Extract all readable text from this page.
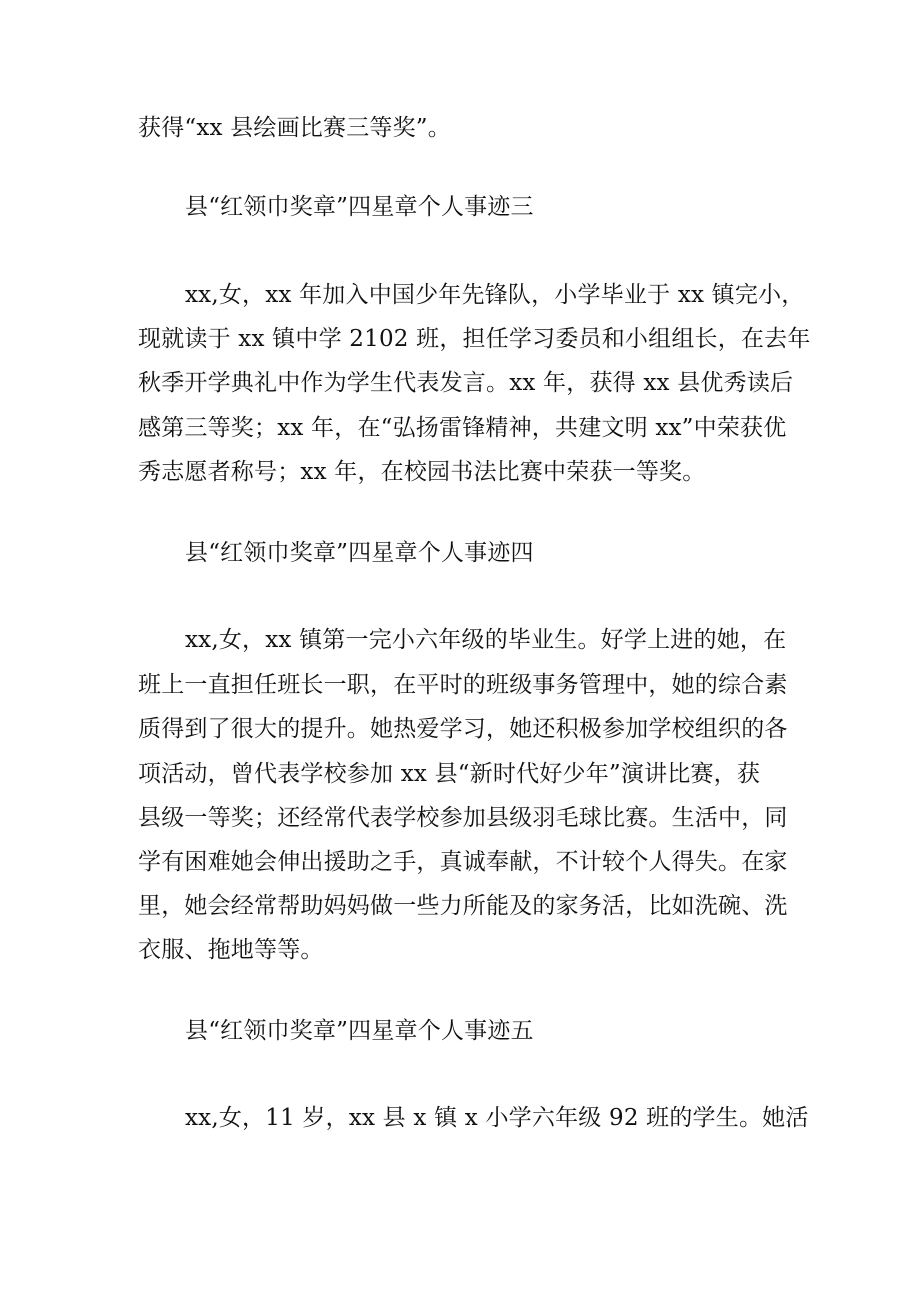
获得“xx 县绘画比赛三等奖”。
县“红领巾奖章”四星章个人事迹三
xx,女，xx 年加入中国少年先锋队，小学毕业于 xx 镇完小，
现就读于 xx 镇中学 2102 班，担任学习委员和小组组长，在去年
秋季开学典礼中作为学生代表发言。xx 年，获得 xx 县优秀读后
感第三等奖；xx 年，在“弘扬雷锋精神，共建文明 xx”中荣获优
秀志愿者称号；xx 年，在校园书法比赛中荣获一等奖。
县“红领巾奖章”四星章个人事迹四
xx,女，xx 镇第一完小六年级的毕业生。好学上进的她，在
班上一直担任班长一职，在平时的班级事务管理中，她的综合素
质得到了很大的提升。她热爱学习，她还积极参加学校组织的各
项活动，曾代表学校参加 xx 县“新时代好少年”演讲比赛，获
县级一等奖；还经常代表学校参加县级羽毛球比赛。生活中，同
学有困难她会伸出援助之手，真诚奉献，不计较个人得失。在家
里，她会经常帮助妈妈做一些力所能及的家务活，比如洗碗、洗
衣服、拖地等等。
县“红领巾奖章”四星章个人事迹五
xx,女，11 岁，xx 县 x 镇 x 小学六年级 92 班的学生。她活
